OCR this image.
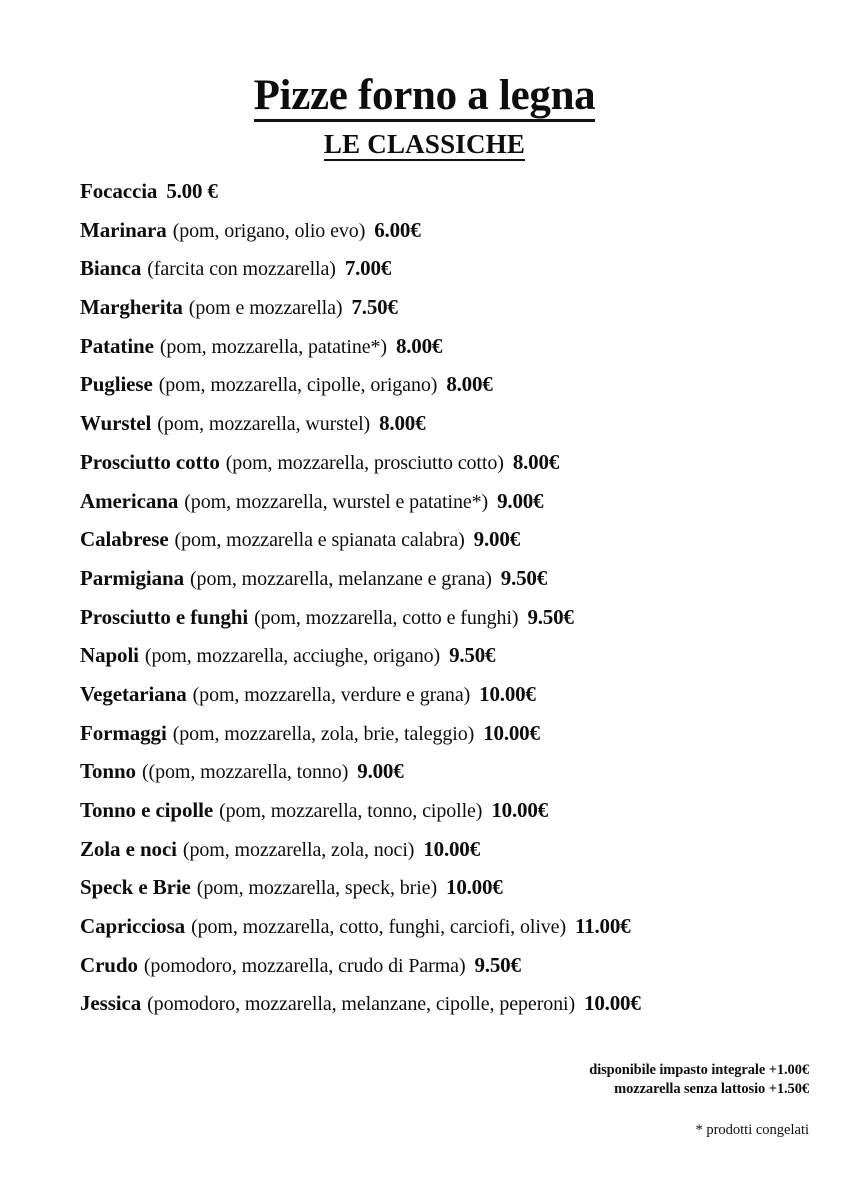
Pizze forno a legna
LE CLASSICHE
Focaccia 5.00 €
Marinara (pom, origano, olio evo) 6.00€
Bianca (farcita con mozzarella) 7.00€
Margherita (pom e mozzarella) 7.50€
Patatine (pom, mozzarella, patatine*) 8.00€
Pugliese (pom, mozzarella, cipolle, origano) 8.00€
Wurstel (pom, mozzarella, wurstel) 8.00€
Prosciutto cotto (pom, mozzarella, prosciutto cotto) 8.00€
Americana (pom, mozzarella, wurstel e patatine*) 9.00€
Calabrese (pom, mozzarella e spianata calabra) 9.00€
Parmigiana (pom, mozzarella, melanzane e grana) 9.50€
Prosciutto e funghi (pom, mozzarella, cotto e funghi) 9.50€
Napoli (pom, mozzarella, acciughe, origano) 9.50€
Vegetariana (pom, mozzarella, verdure e grana) 10.00€
Formaggi (pom, mozzarella, zola, brie, taleggio) 10.00€
Tonno ((pom, mozzarella, tonno) 9.00€
Tonno e cipolle (pom, mozzarella, tonno, cipolle) 10.00€
Zola e noci (pom, mozzarella, zola, noci) 10.00€
Speck e Brie (pom, mozzarella, speck, brie) 10.00€
Capricciosa (pom, mozzarella, cotto, funghi, carciofi, olive) 11.00€
Crudo (pomodoro, mozzarella, crudo di Parma) 9.50€
Jessica (pomodoro, mozzarella, melanzane, cipolle, peperoni) 10.00€
disponibile impasto integrale +1.00€
mozzarella senza lattosio +1.50€
* prodotti congelati
